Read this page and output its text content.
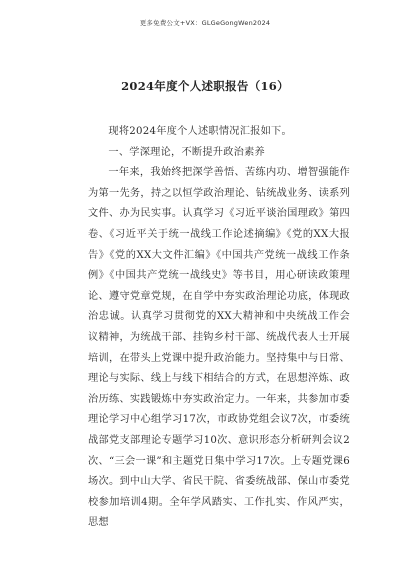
更多免费公文+VX：GLGeGongWen2024
2024年度个人述职报告（16）

现将2024年度个人述职情况汇报如下。

一、学深理论，不断提升政治素养

一年来，我始终把深学善悟、苦练内功、增智强能作为第一先务，持之以恒学政治理论、钻统战业务、读系列文件、办为民实事。认真学习《习近平谈治国理政》第四卷、《习近平关于统一战线工作论述摘编》《党的XX大报告》《党的XX大文件汇编》《中国共产党统一战线工作条例》《中国共产党统一战线史》等书目，用心研读政策理论、遵守党章党规，在自学中夯实政治理论功底，体现政治忠诚。认真学习贯彻党的XX大精神和中央统战工作会议精神，为统战干部、挂钩乡村干部、统战代表人士开展培训，在带头上党课中提升政治能力。坚持集中与日常、理论与实际、线上与线下相结合的方式，在思想淬炼、政治历练、实践锻炼中夯实政治定力。一年来，共参加市委理论学习中心组学习17次，市政协党组会议7次，市委统战部党支部理论专题学习10次、意识形态分析研判会议2次、“三会一课”和主题党日集中学习17次。上专题党课6场次。到中山大学、省民干院、省委统战部、保山市委党校参加培训4期。全年学风踏实、工作扎实、作风严实，思想
